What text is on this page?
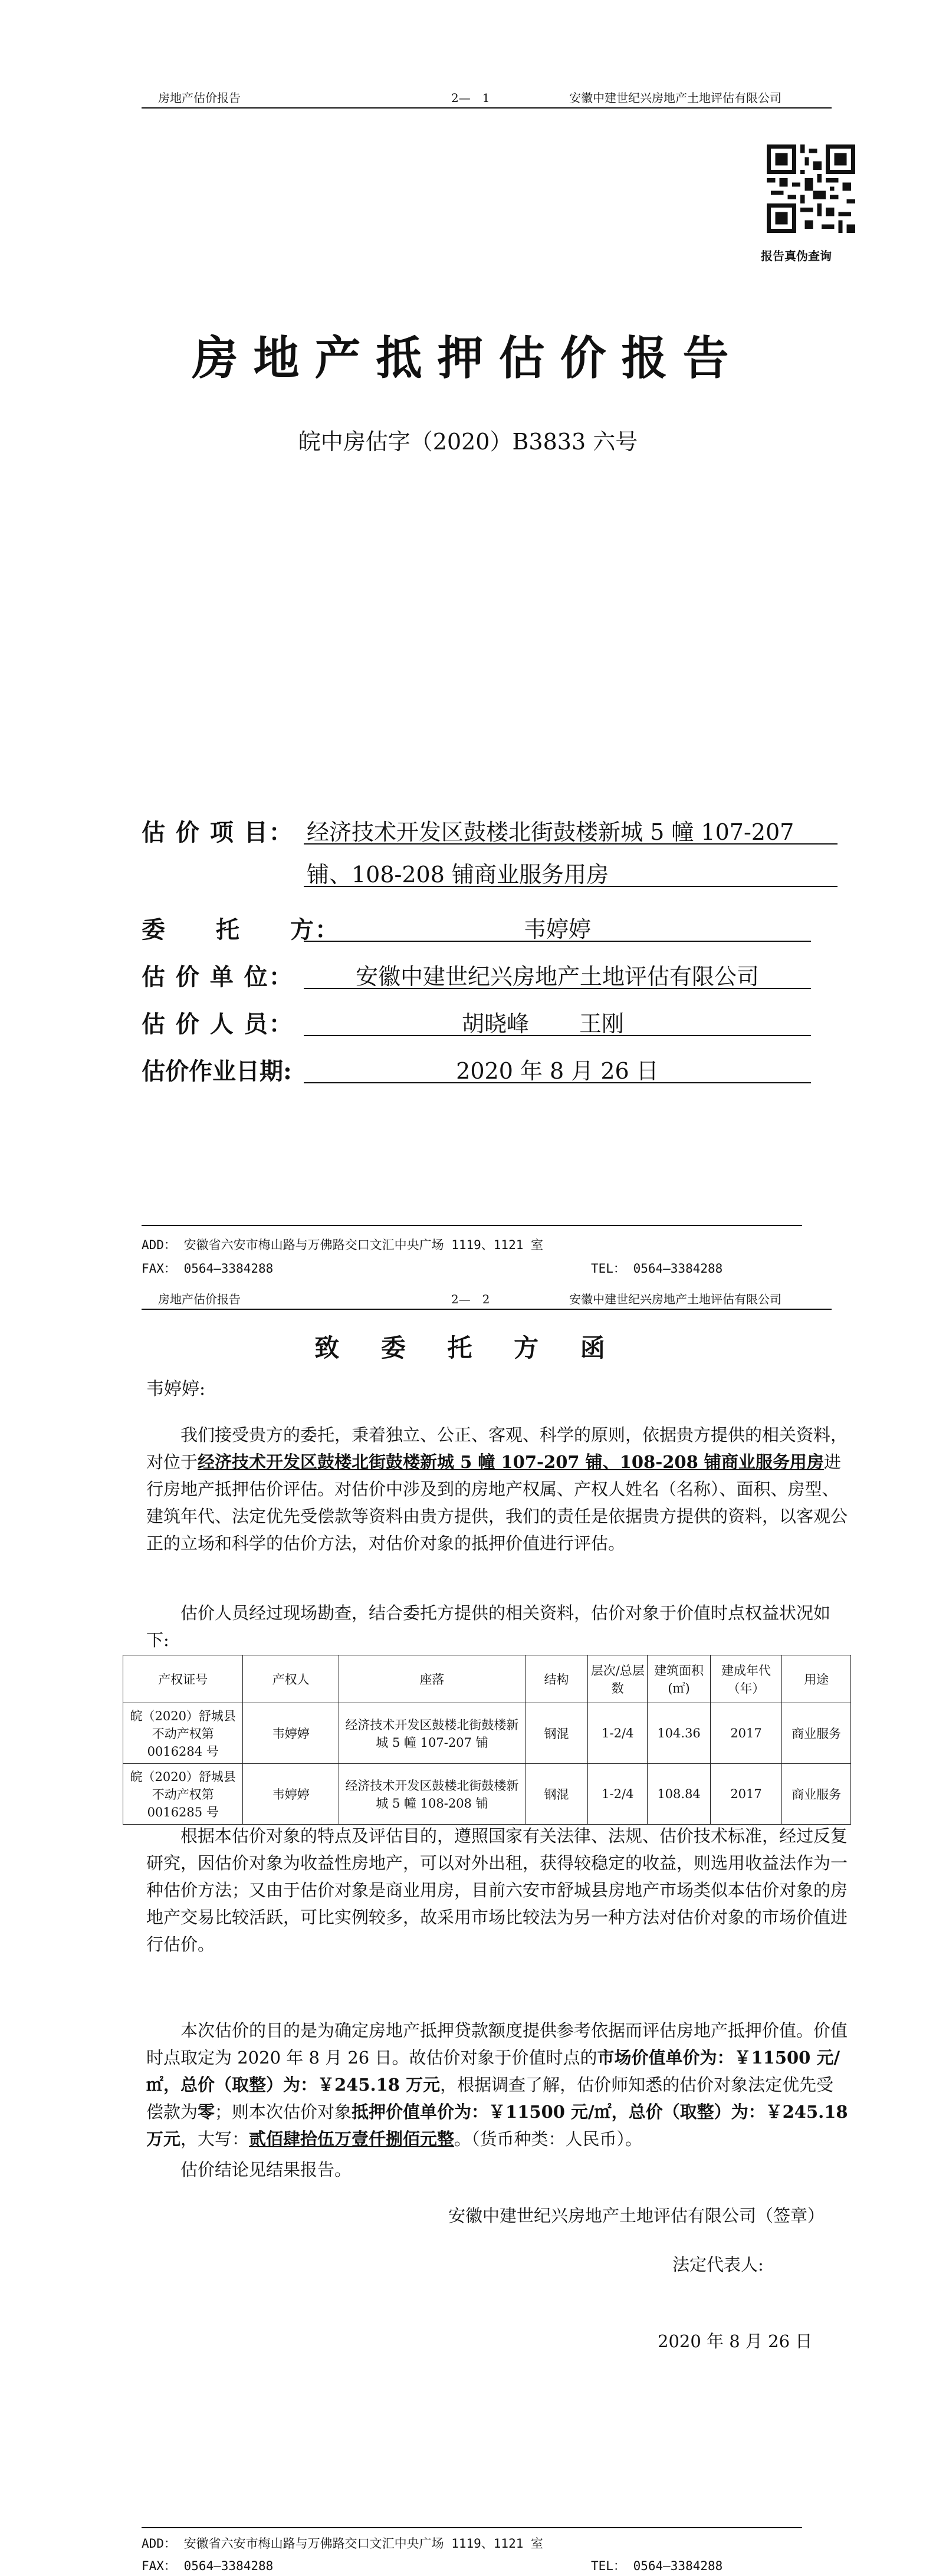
房地产估价报告	2—　1	安徽中建世纪兴房地产土地评估有限公司
报告真伪查询
房地产抵押估价报告
皖中房估字（2020）B3833 六号
估 价 项 目： 经济技术开发区鼓楼北街鼓楼新城 5 幢 107-207
铺、108-208 铺商业服务用房
委　　托　　方：	韦婷婷
估 价 单 位：	安徽中建世纪兴房地产土地评估有限公司
估 价 人 员：	胡晓峰	王刚
估价作业日期:	2020 年 8 月 26 日
ADD： 安徽省六安市梅山路与万佛路交口文汇中央广场 1119、1121 室
FAX： 0564—3384288	TEL： 0564—3384288
房地产估价报告	2—　2	安徽中建世纪兴房地产土地评估有限公司
致 委 托 方 函
韦婷婷:
我们接受贵方的委托，秉着独立、公正、客观、科学的原则，依据贵方提供的相关资料，对位于经济技术开发区鼓楼北街鼓楼新城 5 幢 107-207 铺、108-208 铺商业服务用房进行房地产抵押估价评估。对估价中涉及到的房地产权属、产权人姓名（名称）、面积、房型、建筑年代、法定优先受偿款等资料由贵方提供，我们的责任是依据贵方提供的资料，以客观公正的立场和科学的估价方法，对估价对象的抵押价值进行评估。
估价人员经过现场勘查，结合委托方提供的相关资料，估价对象于价值时点权益状况如下:
产权证号	产权人	座落	结构	层次/总层数	建筑面积(㎡)	建成年代（年）	用途
皖（2020）舒城县不动产权第0016284 号	韦婷婷	经济技术开发区鼓楼北街鼓楼新城 5 幢 107-207 铺	钢混	1-2/4	104.36	2017	商业服务
皖（2020）舒城县不动产权第0016285 号	韦婷婷	经济技术开发区鼓楼北街鼓楼新城 5 幢 108-208 铺	钢混	1-2/4	108.84	2017	商业服务
根据本估价对象的特点及评估目的，遵照国家有关法律、法规、估价技术标准，经过反复研究，因估价对象为收益性房地产，可以对外出租，获得较稳定的收益，则选用收益法作为一种估价方法；又由于估价对象是商业用房，目前六安市舒城县房地产市场类似本估价对象的房地产交易比较活跃，可比实例较多，故采用市场比较法为另一种方法对估价对象的市场价值进行估价。
本次估价的目的是为确定房地产抵押贷款额度提供参考依据而评估房地产抵押价值。价值时点取定为 2020 年 8 月 26 日。故估价对象于价值时点的市场价值单价为：￥11500 元/㎡，总价（取整）为：￥245.18 万元，根据调查了解，估价师知悉的估价对象法定优先受偿款为零；则本次估价对象抵押价值单价为：￥11500 元/㎡，总价（取整）为：￥245.18 万元，大写：贰佰肆拾伍万壹仟捌佰元整。（货币种类：人民币）。
估价结论见结果报告。
安徽中建世纪兴房地产土地评估有限公司（签章）
法定代表人:
2020 年 8 月 26 日
ADD： 安徽省六安市梅山路与万佛路交口文汇中央广场 1119、1121 室
FAX： 0564—3384288	TEL： 0564—3384288
